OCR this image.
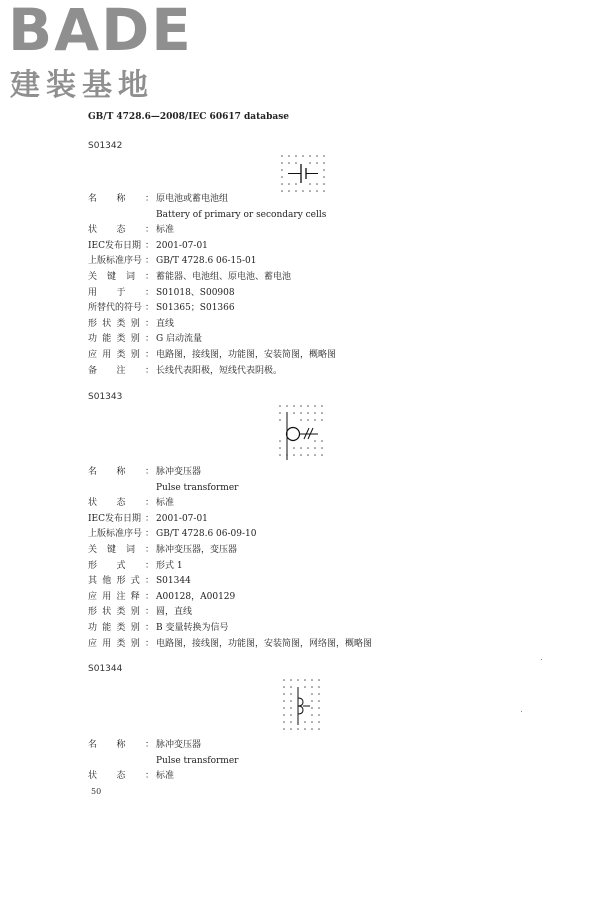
BADE
建装基地
GB/T 4728.6—2008/IEC 60617 database
S01342
名 称 ： 原电池或蓄电池组
Battery of primary or secondary cells
状 态 ： 标准
IEC发布日期 ： 2001-07-01
上版标准序号 ： GB/T 4728.6 06-15-01
关 键 词 ： 蓄能器、电池组、原电池、蓄电池
用 于 ： S01018、S00908
所替代的符号 ： S01365；S01366
形 状 类 别 ： 直线
功 能 类 别 ： G 启动流量
应 用 类 别 ： 电路图，接线图，功能图，安装简图，概略图
备 注 ： 长线代表阳极，短线代表阴极。
S01343
名 称 ： 脉冲变压器
Pulse transformer
状 态 ： 标准
IEC发布日期 ： 2001-07-01
上版标准序号 ： GB/T 4728.6 06-09-10
关 键 词 ： 脉冲变压器，变压器
形 式 ： 形式 1
其 他 形 式 ： S01344
应 用 注 释 ： A00128，A00129
形 状 类 别 ： 圆，直线
功 能 类 别 ： B 变量转换为信号
应 用 类 别 ： 电路图，接线图，功能图，安装简图，网络图，概略图
S01344
名 称 ： 脉冲变压器
Pulse transformer
状 态 ： 标准
50
